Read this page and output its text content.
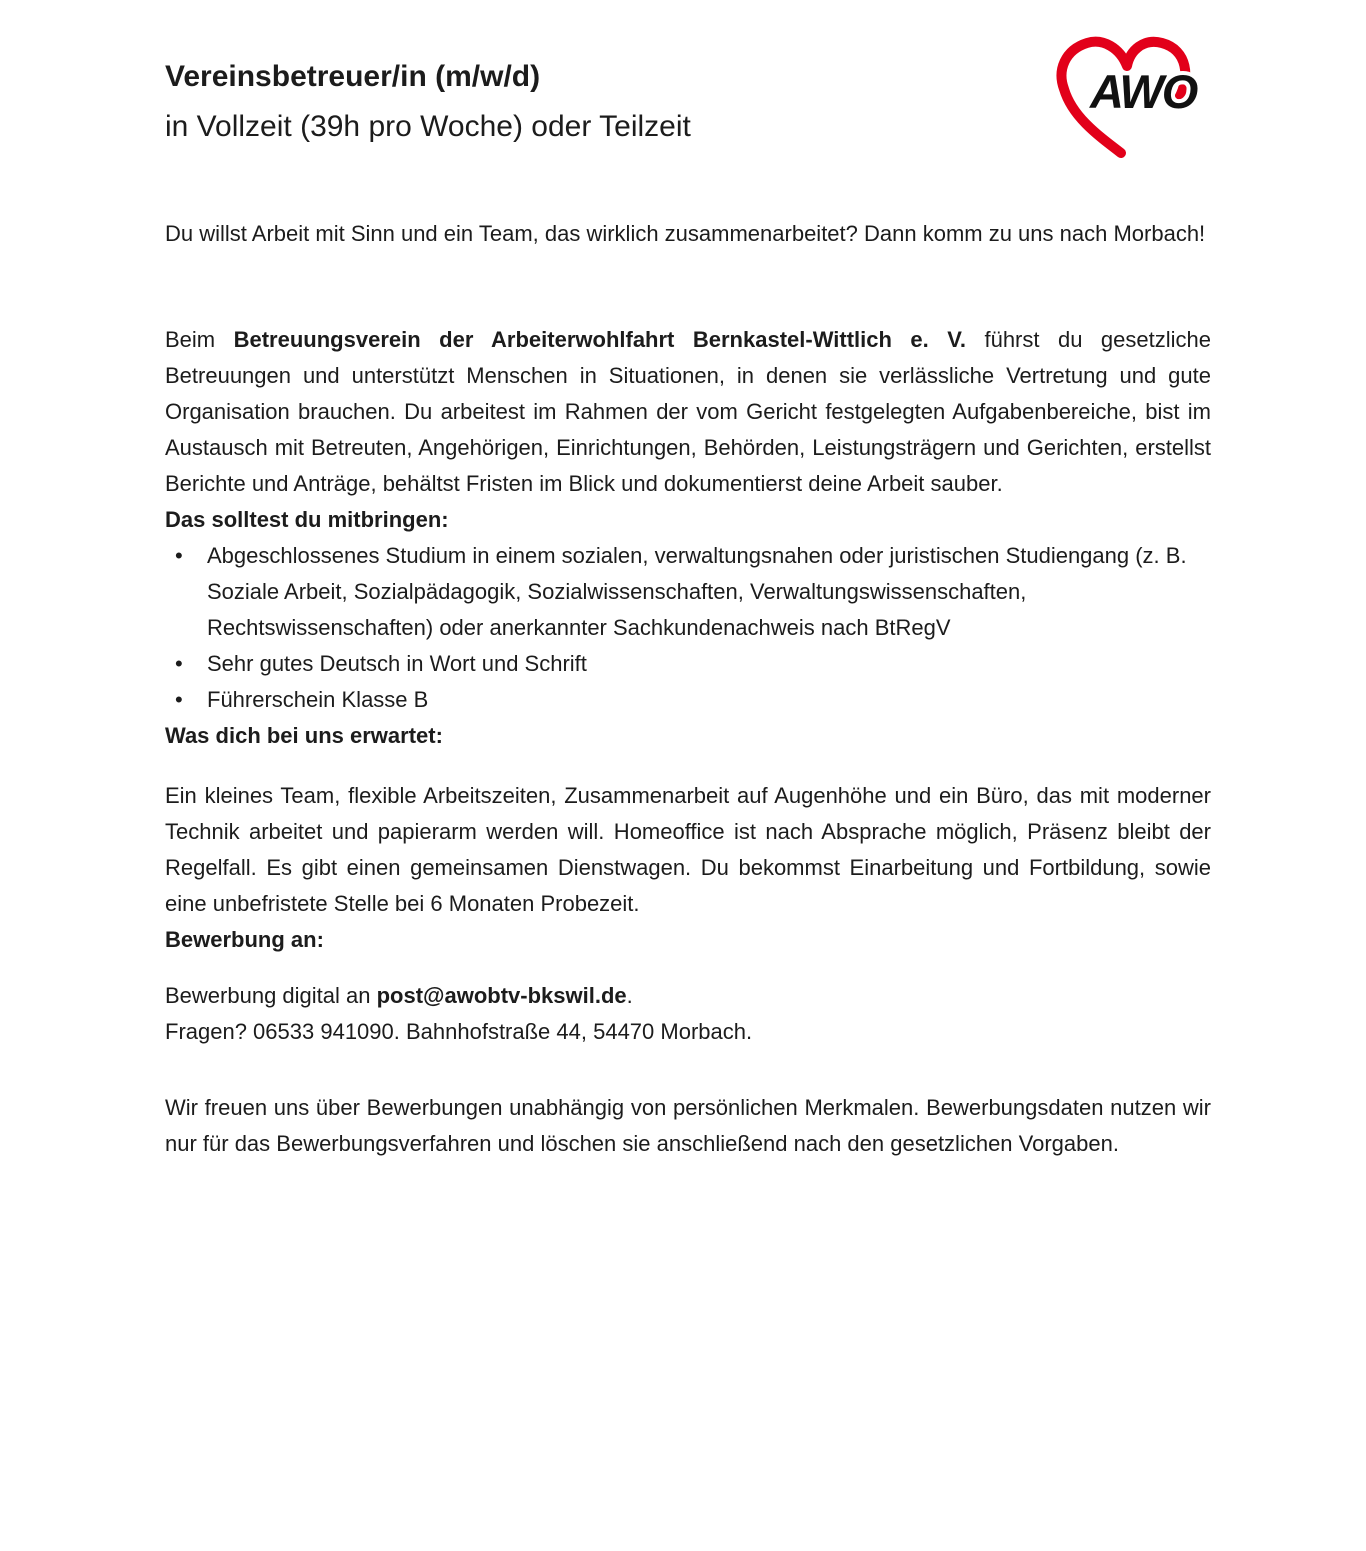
AWO
Vereinsbetreuer/in (m/w/d)
in Vollzeit (39h pro Woche) oder Teilzeit

Du willst Arbeit mit Sinn und ein Team, das wirklich zusammenarbeitet? Dann komm zu uns nach Morbach!

Beim Betreuungsverein der Arbeiterwohlfahrt Bernkastel-Wittlich e. V. führst du gesetzliche Betreuungen und unterstützt Menschen in Situationen, in denen sie verlässliche Vertretung und gute Organisation brauchen. Du arbeitest im Rahmen der vom Gericht festgelegten Aufgabenbereiche, bist im Austausch mit Betreuten, Angehörigen, Einrichtungen, Behörden, Leistungsträgern und Gerichten, erstellst Berichte und Anträge, behältst Fristen im Blick und dokumentierst deine Arbeit sauber.

Das solltest du mitbringen:
• Abgeschlossenes Studium in einem sozialen, verwaltungsnahen oder juristischen Studiengang (z. B. Soziale Arbeit, Sozialpädagogik, Sozialwissenschaften, Verwaltungswissenschaften, Rechtswissenschaften) oder anerkannter Sachkundenachweis nach BtRegV
• Sehr gutes Deutsch in Wort und Schrift
• Führerschein Klasse B
Was dich bei uns erwartet:

Ein kleines Team, flexible Arbeitszeiten, Zusammenarbeit auf Augenhöhe und ein Büro, das mit moderner Technik arbeitet und papierarm werden will. Homeoffice ist nach Absprache möglich, Präsenz bleibt der Regelfall. Es gibt einen gemeinsamen Dienstwagen. Du bekommst Einarbeitung und Fortbildung, sowie eine unbefristete Stelle bei 6 Monaten Probezeit.

Bewerbung an:
Bewerbung digital an post@awobtv-bkswil.de.
Fragen? 06533 941090. Bahnhofstraße 44, 54470 Morbach.

Wir freuen uns über Bewerbungen unabhängig von persönlichen Merkmalen. Bewerbungsdaten nutzen wir nur für das Bewerbungsverfahren und löschen sie anschließend nach den gesetzlichen Vorgaben.
